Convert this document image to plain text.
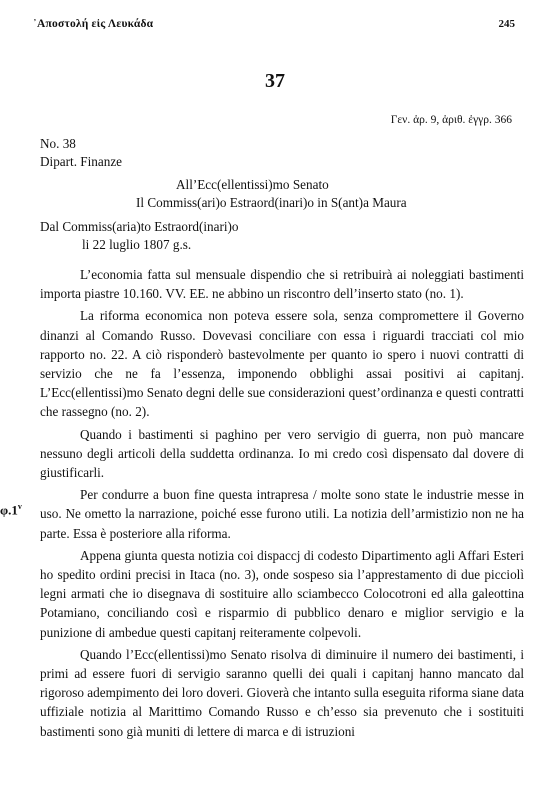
᾽Αποστολή εἰς Λευκάδα	245
37
Γεν. ἀρ. 9, ἀριθ. ἐγγρ. 366
No. 38
Dipart. Finanze
All’Ecc(ellentissi)mo Senato
Il Commiss(ari)o Estraord(inari)o in S(ant)a Maura
Dal Commiss(aria)to Estraord(inari)o
li 22 luglio 1807 g.s.
φ.1$^v$

L’economia fatta sul mensuale dispendio che si retribuirà ai noleggiati bastimenti importa piastre 10.160. VV. EE. ne abbino un riscontro dell’inserto stato (no. 1).

La riforma economica non poteva essere sola, senza compromettere il Governo dinanzi al Comando Russo. Dovevasi conciliare con essa i riguardi tracciati col mio rapporto no. 22. A ciò risponderò bastevolmente per quanto io spero i nuovi contratti di servizio che ne fa l’essenza, imponendo obblighi assai positivi ai capitanj. L’Ecc(ellentissi)mo Senato degni delle sue considerazioni quest’ordinanza e questi contratti che rassegno (no. 2).

Quando i bastimenti si paghino per vero servigio di guerra, non può mancare nessuno degli articoli della suddetta ordinanza. Io mi credo così dispensato dal dovere di giustificarli.

Per condurre a buon fine questa intrapresa / molte sono state le industrie messe in uso. Ne ometto la narrazione, poiché esse furono utili. La notizia dell’armistizio non ne ha parte. Essa è posteriore alla riforma.

Appena giunta questa notizia coi dispaccj di codesto Dipartimento agli Affari Esteri ho spedito ordini precisi in Itaca (no. 3), onde sospeso sia l’apprestamento di due picciolì legni armati che io disegnava di sostituire allo sciambecco Colocotroni ed alla galeottina Potamiano, conciliando così e risparmio di pubblico denaro e miglior servigio e la punizione di ambedue questi capitanj reiteramente colpevoli.

Quando l’Ecc(ellentissi)mo Senato risolva di diminuire il numero dei bastimenti, i primi ad essere fuori di servigio saranno quelli dei quali i capitanj hanno mancato dal rigoroso adempimento dei loro doveri. Gioverà che intanto sulla eseguita riforma siane data uffiziale notizia al Marittimo Comando Russo e ch’esso sia prevenuto che i sostituiti bastimenti sono già muniti di lettere di marca e di istruzioni
